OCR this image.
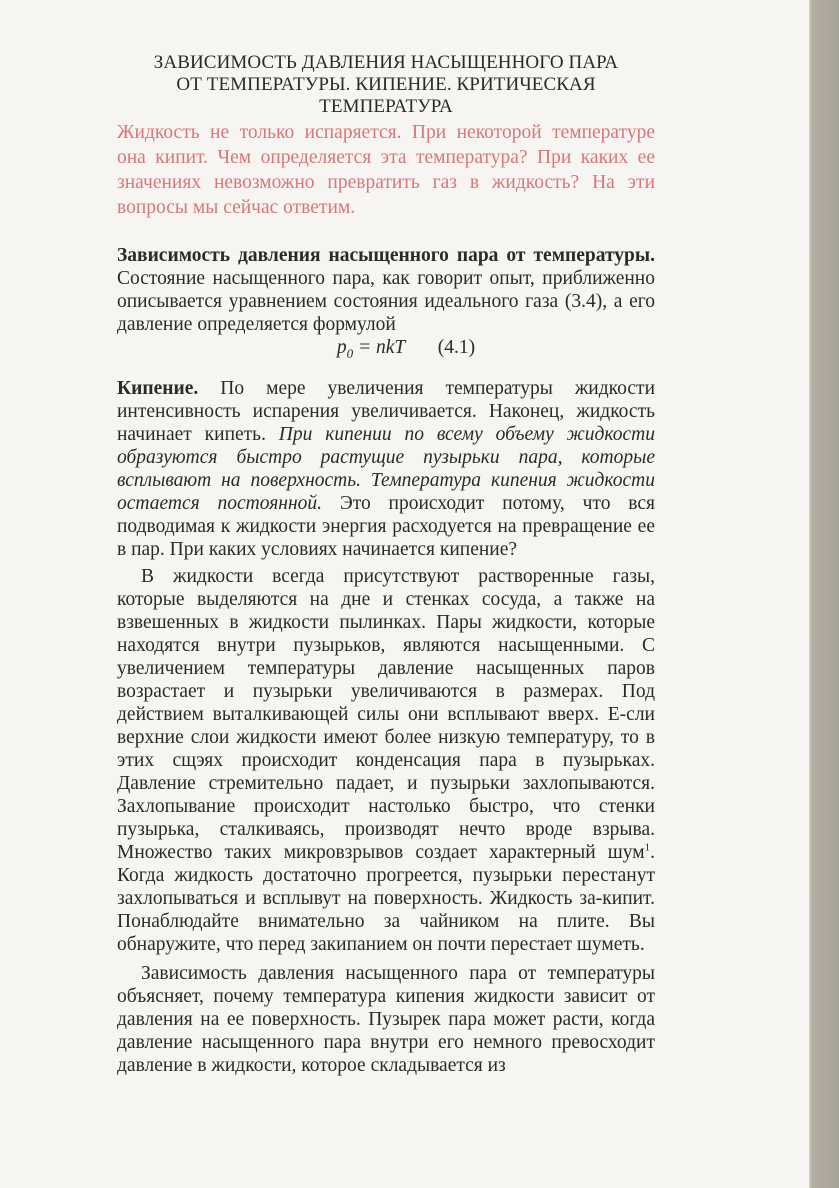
ЗАВИСИМОСТЬ ДАВЛЕНИЯ НАСЫЩЕННОГО ПАРА
ОТ ТЕМПЕРАТУРЫ. КИПЕНИЕ. КРИТИЧЕСКАЯ
ТЕМПЕРАТУРА

Жидкость не только испаряется. При некоторой температуре она кипит. Чем определяется эта температура? При каких ее значениях невозможно превратить газ в жидкость? На эти вопросы мы сейчас ответим.

Зависимость давления насыщенного пара от температуры. Состояние насыщенного пара, как говорит опыт, приближенно описывается уравнением состояния идеального газа (3.4), а его давление определяется формулой

$p_0$ = nkT (4.1)

Кипение. По мере увеличения температуры жидкости интенсивность испарения увеличивается. Наконец, жидкость начинает кипеть. При кипении по всему объему жидкости образуются быстро растущие пузырьки пара, которые всплывают на поверхность. Температура кипения жидкости остается постоянной. Это происходит потому, что вся подводимая к жидкости энергия расходуется на превращение ее в пар. При каких условиях начинается кипение?

В жидкости всегда присутствуют растворенные газы, которые выделяются на дне и стенках сосуда, а также на взвешенных в жидкости пылинках. Пары жидкости, которые находятся внутри пузырьков, являются насыщенными. С увеличением температуры давление насыщенных паров возрастает и пузырьки увеличиваются в размерах. Под действием выталкивающей силы они всплывают вверх. Е-сли верхние слои жидкости имеют более низкую температуру, то в этих сщэях происходит конденсация пара в пузырьках. Давление стремительно падает, и пузырьки захлопываются. Захлопывание происходит настолько быстро, что стенки пузырька, сталкиваясь, производят нечто вроде взрыва. Множество таких микровзрывов создает характерный шум$^1$. Когда жидкость достаточно прогреется, пузырьки перестанут захлопываться и всплывут на поверхность. Жидкость за-кипит. Понаблюдайте внимательно за чайником на плите. Вы обнаружите, что перед закипанием он почти перестает шуметь.

Зависимость давления насыщенного пара от температуры объясняет, почему температура кипения жидкости зависит от давления на ее поверхность. Пузырек пара может расти, когда давление насыщенного пара внутри его немного превосходит давление в жидкости, которое складывается из
